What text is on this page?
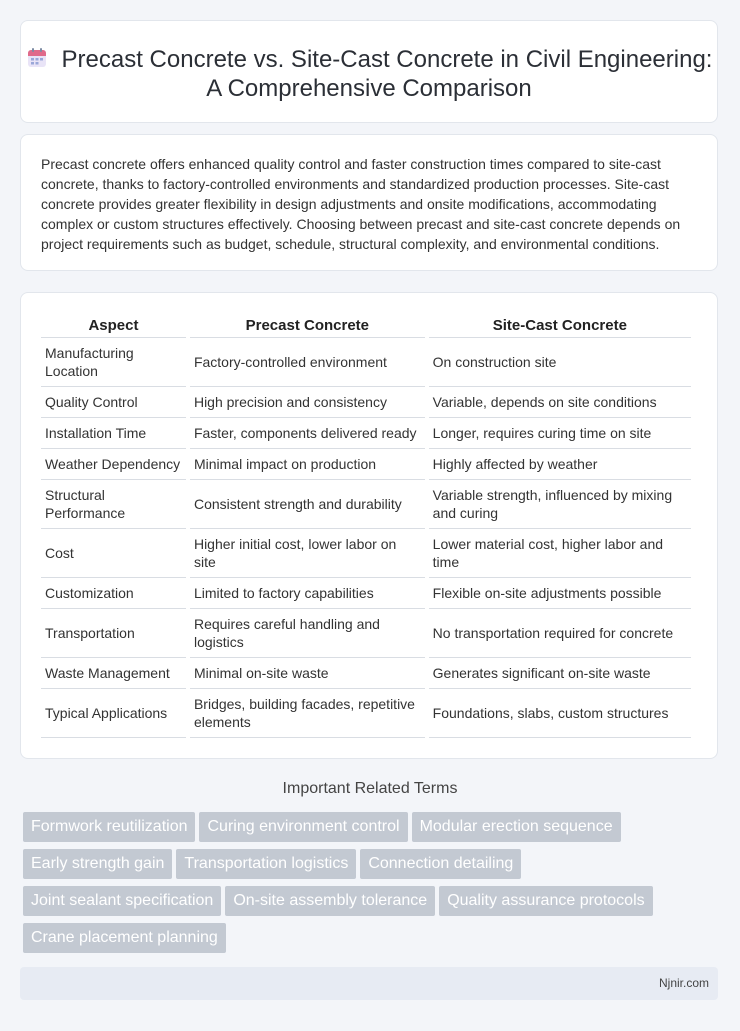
Precast Concrete vs. Site-Cast Concrete in Civil Engineering: A Comprehensive Comparison
Precast concrete offers enhanced quality control and faster construction times compared to site-cast concrete, thanks to factory-controlled environments and standardized production processes. Site-cast concrete provides greater flexibility in design adjustments and onsite modifications, accommodating complex or custom structures effectively. Choosing between precast and site-cast concrete depends on project requirements such as budget, schedule, structural complexity, and environmental conditions.
Aspect	Precast Concrete	Site-Cast Concrete
Manufacturing Location	Factory-controlled environment	On construction site
Quality Control	High precision and consistency	Variable, depends on site conditions
Installation Time	Faster, components delivered ready	Longer, requires curing time on site
Weather Dependency	Minimal impact on production	Highly affected by weather
Structural Performance	Consistent strength and durability	Variable strength, influenced by mixing and curing
Cost	Higher initial cost, lower labor on site	Lower material cost, higher labor and time
Customization	Limited to factory capabilities	Flexible on-site adjustments possible
Transportation	Requires careful handling and logistics	No transportation required for concrete
Waste Management	Minimal on-site waste	Generates significant on-site waste
Typical Applications	Bridges, building facades, repetitive elements	Foundations, slabs, custom structures
Important Related Terms
Formwork reutilization Curing environment control Modular erection sequence
Early strength gain Transportation logistics Connection detailing
Joint sealant specification On-site assembly tolerance Quality assurance protocols
Crane placement planning
Njnir.com
